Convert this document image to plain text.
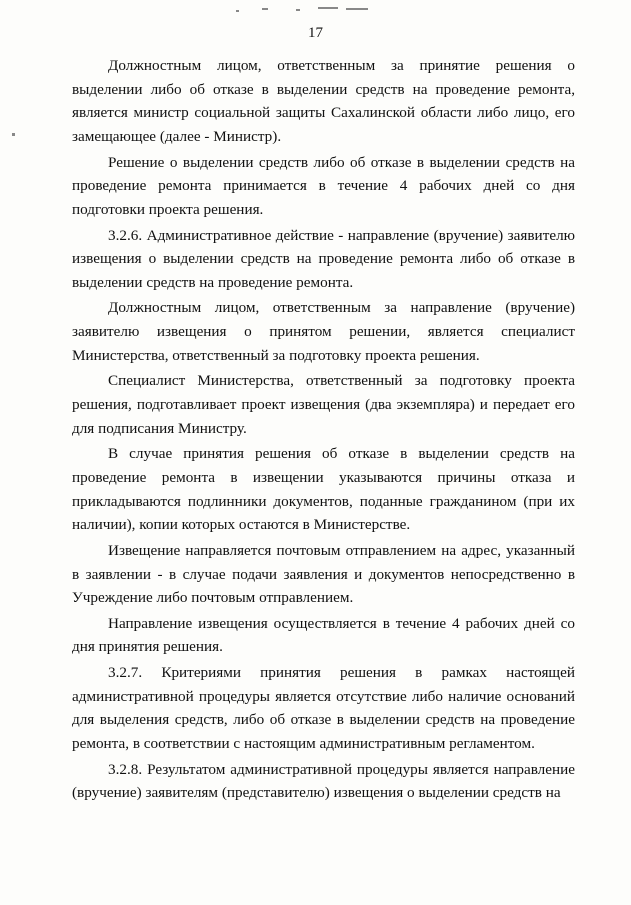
17

Должностным лицом, ответственным за принятие решения о выделении либо об отказе в выделении средств на проведение ремонта, является министр социальной защиты Сахалинской области либо лицо, его замещающее (далее - Министр).

Решение о выделении средств либо об отказе в выделении средств на проведение ремонта принимается в течение 4 рабочих дней со дня подготовки проекта решения.

3.2.6. Административное действие - направление (вручение) заявителю извещения о выделении средств на проведение ремонта либо об отказе в выделении средств на проведение ремонта.

Должностным лицом, ответственным за направление (вручение) заявителю извещения о принятом решении, является специалист Министерства, ответственный за подготовку проекта решения.

Специалист Министерства, ответственный за подготовку проекта решения, подготавливает проект извещения (два экземпляра) и передает его для подписания Министру.

В случае принятия решения об отказе в выделении средств на проведение ремонта в извещении указываются причины отказа и прикладываются подлинники документов, поданные гражданином (при их наличии), копии которых остаются в Министерстве.

Извещение направляется почтовым отправлением на адрес, указанный в заявлении - в случае подачи заявления и документов непосредственно в Учреждение либо почтовым отправлением.

Направление извещения осуществляется в течение 4 рабочих дней со дня принятия решения.

3.2.7. Критериями принятия решения в рамках настоящей административной процедуры является отсутствие либо наличие оснований для выделения средств, либо об отказе в выделении средств на проведение ремонта, в соответствии с настоящим административным регламентом.

3.2.8. Результатом административной процедуры является направление (вручение) заявителям (представителю) извещения о выделении средств на
